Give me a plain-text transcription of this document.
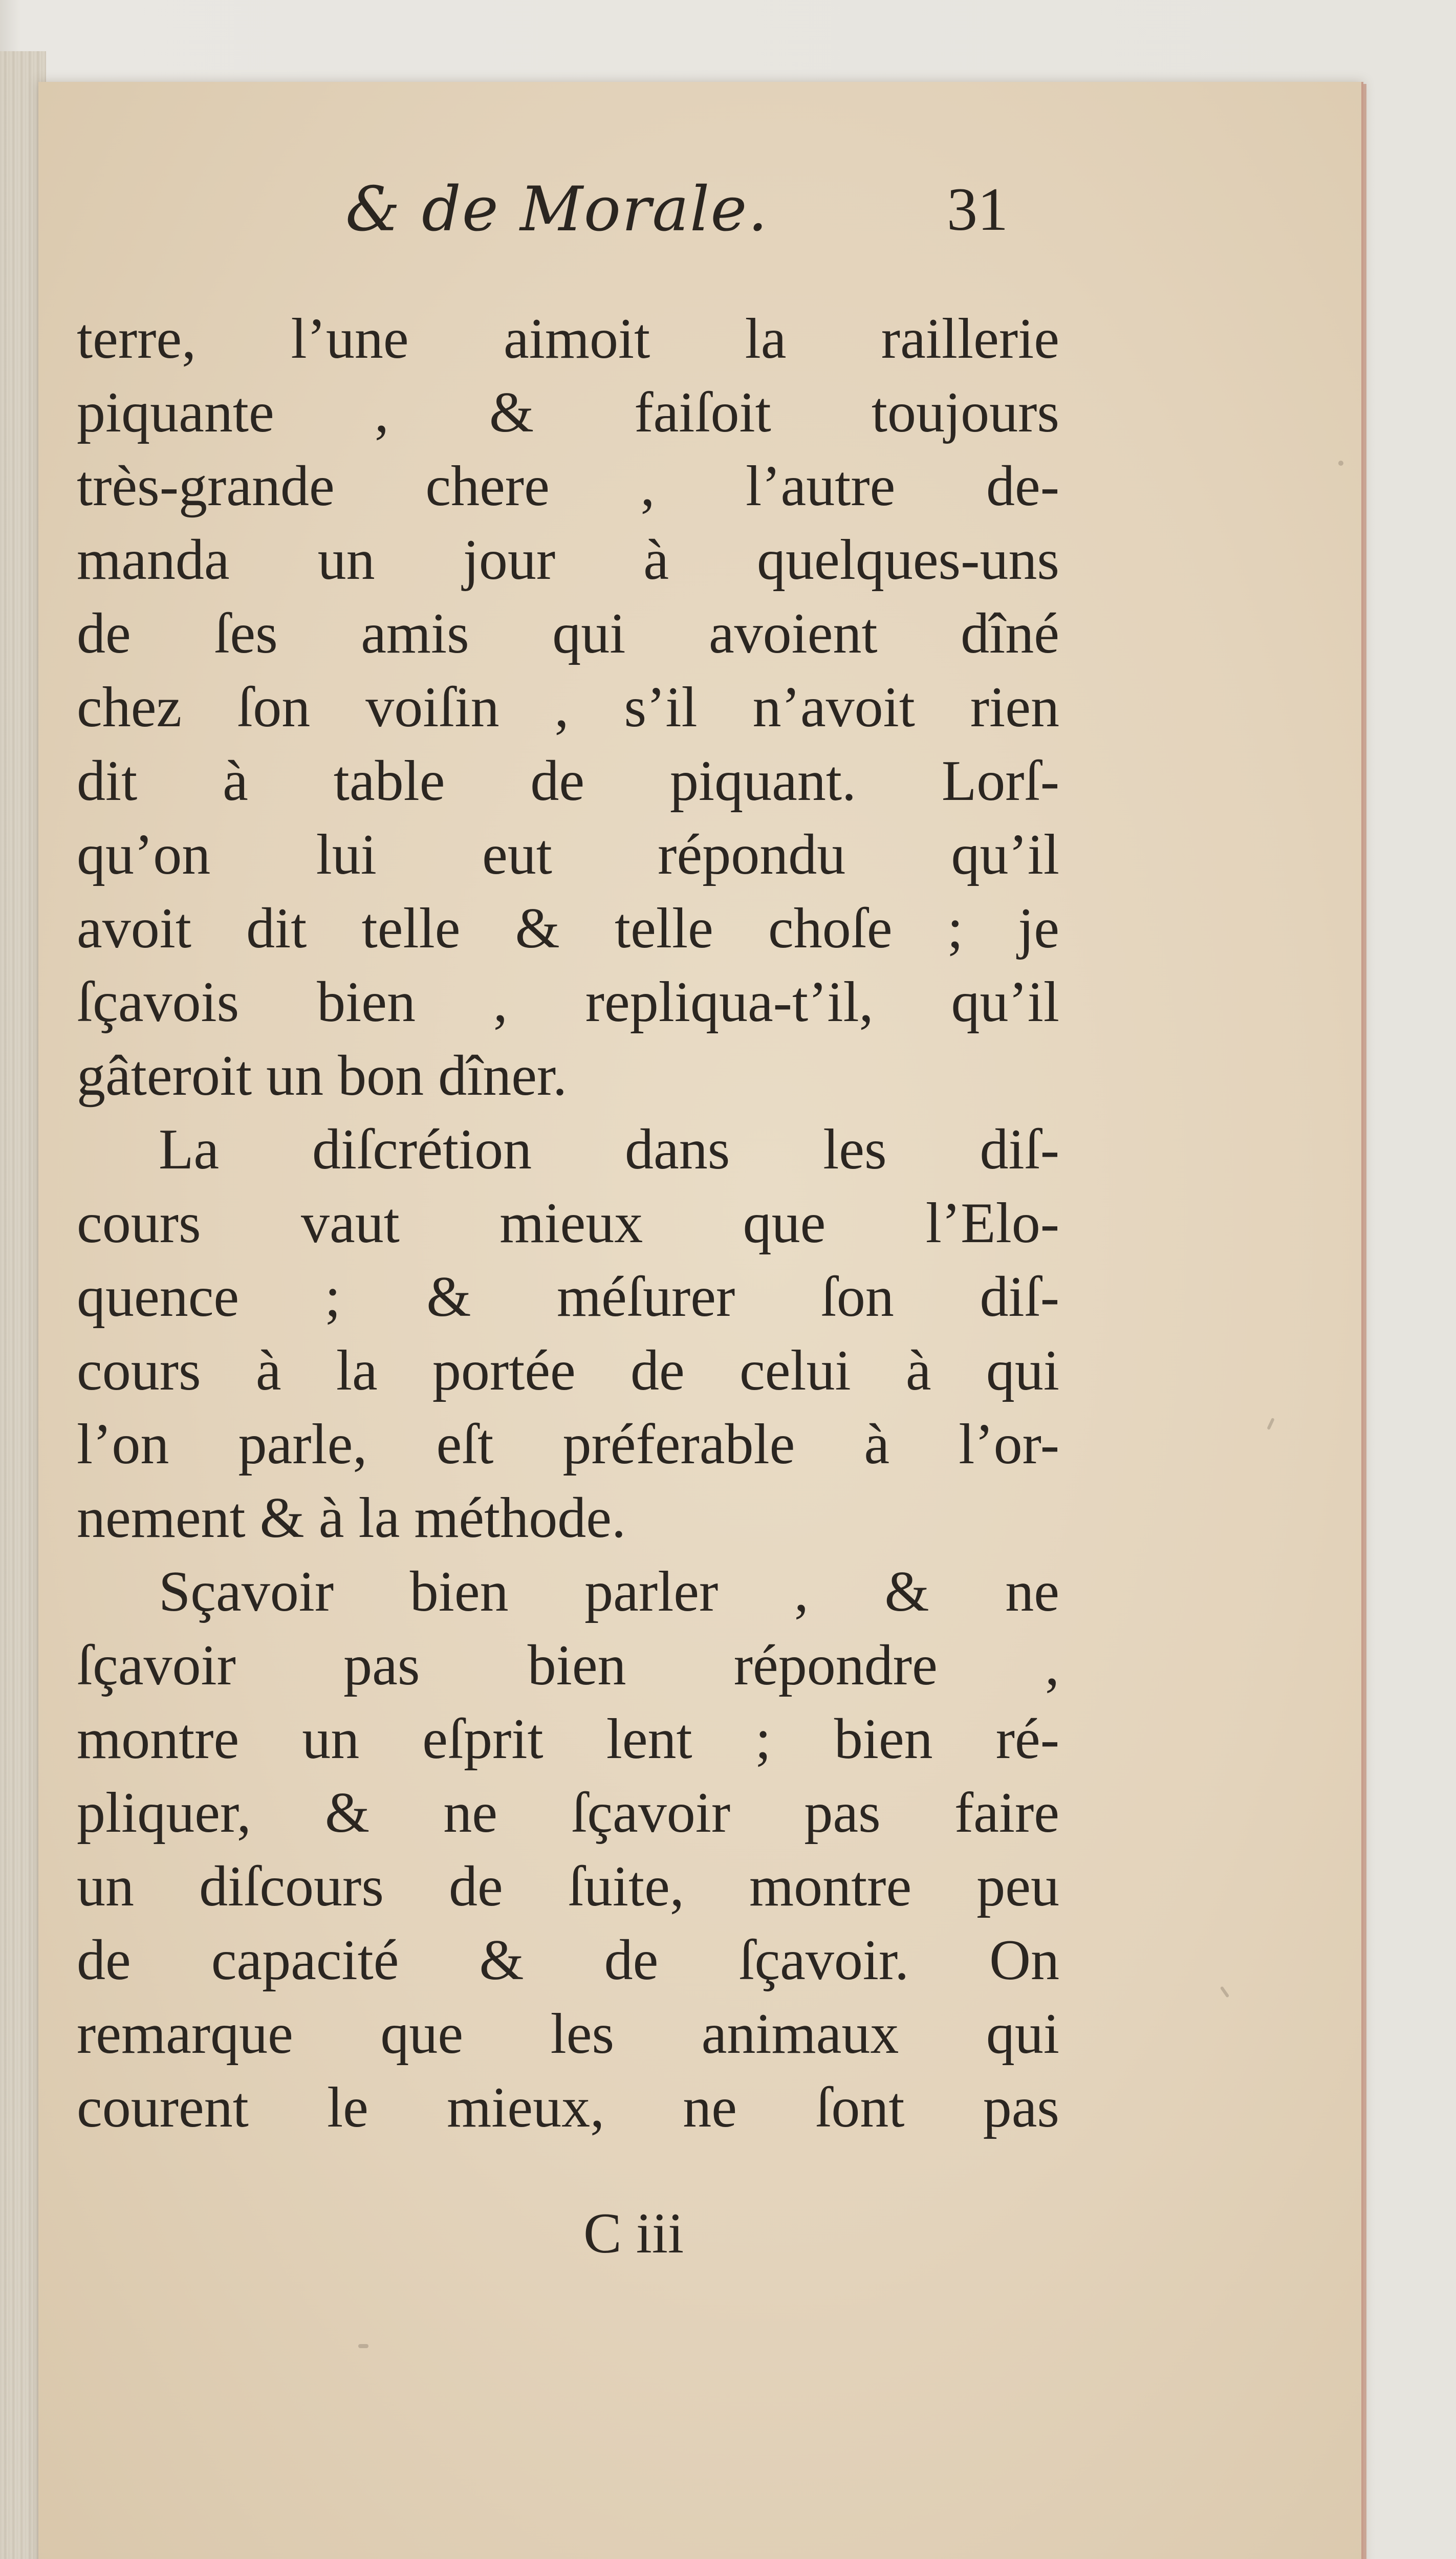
& de Morale.	31
terre, l’une aimoit la raillerie
piquante , & faiſoit toujours
très-grande chere , l’autre de-
manda un jour à quelques-uns
de ſes amis qui avoient dîné
chez ſon voiſin , s’il n’avoit rien
dit à table de piquant. Lorſ-
qu’on lui eut répondu qu’il
avoit dit telle & telle choſe ; je
ſçavois bien , repliqua-t’il, qu’il
gâteroit un bon dîner.
La diſcrétion dans les diſ-
cours vaut mieux que l’Elo-
quence ; & méſurer ſon diſ-
cours à la portée de celui à qui
l’on parle, eſt préferable à l’or-
nement & à la méthode.
Sçavoir bien parler , & ne
ſçavoir pas bien répondre ,
montre un eſprit lent ; bien ré-
pliquer, & ne ſçavoir pas faire
un diſcours de ſuite, montre peu
de capacité & de ſçavoir. On
remarque que les animaux qui
courent le mieux, ne ſont pas
C iii
